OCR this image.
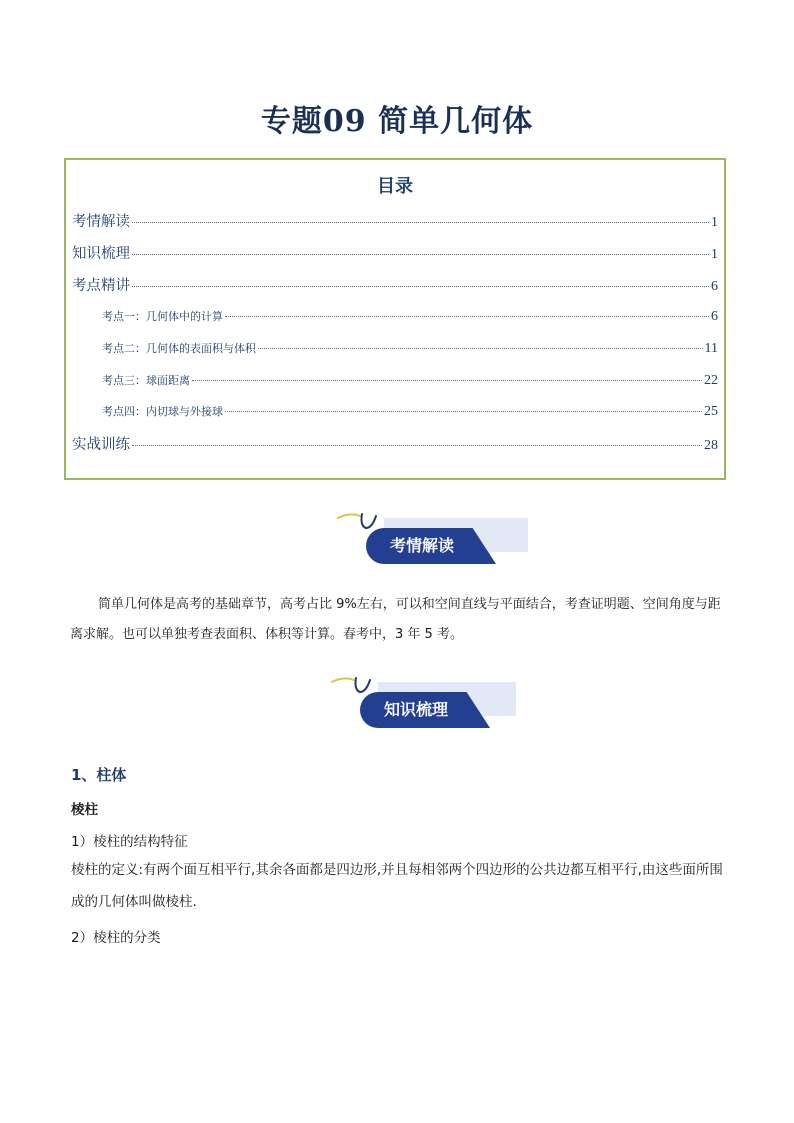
专题09 简单几何体
目录
考情解读	1
知识梳理	1
考点精讲	6
考点一：几何体中的计算	6
考点二：几何体的表面积与体积	11
考点三：球面距离	22
考点四：内切球与外接球	25
实战训练	28
考情解读
简单几何体是高考的基础章节，高考占比 9%左右，可以和空间直线与平面结合，考查证明题、空间角度与距离求解。也可以单独考查表面积、体积等计算。春考中，3 年 5 考。
知识梳理
1、柱体
棱柱
1）棱柱的结构特征
棱柱的定义:有两个面互相平行,其余各面都是四边形,并且每相邻两个四边形的公共边都互相平行,由这些面所围成的几何体叫做棱柱.
2）棱柱的分类
